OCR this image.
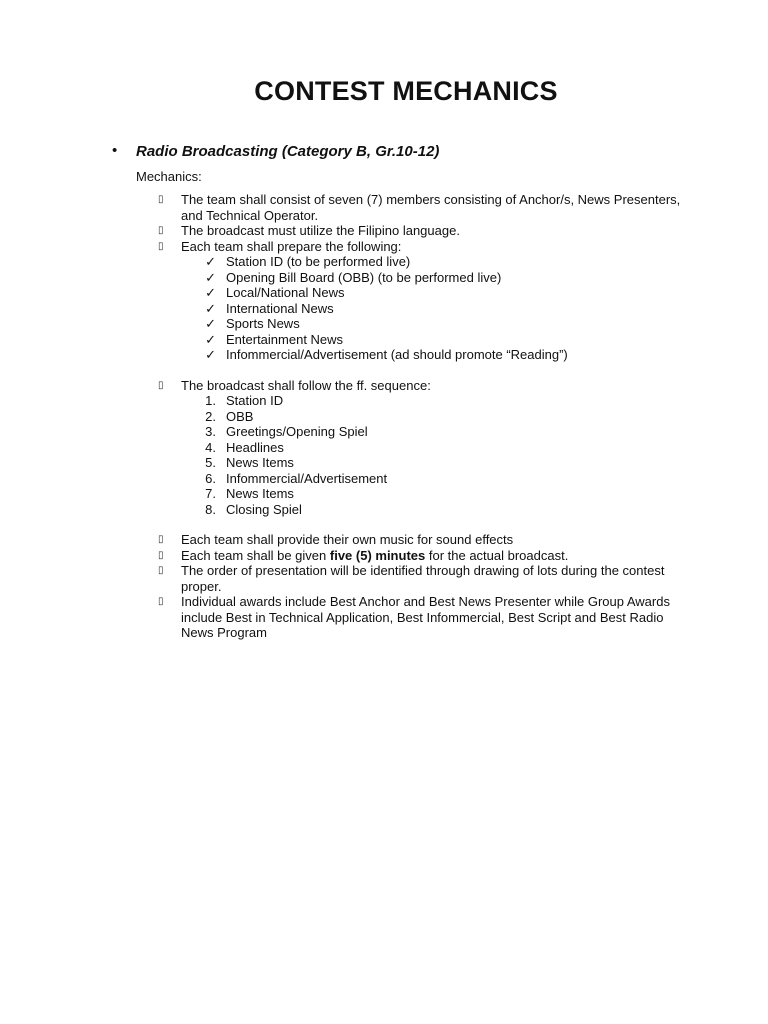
CONTEST MECHANICS
• Radio Broadcasting (Category B, Gr.10-12)
Mechanics:
▯ The team shall consist of seven (7) members consisting of Anchor/s, News Presenters, and Technical Operator.
▯ The broadcast must utilize the Filipino language.
▯ Each team shall prepare the following:
✓ Station ID (to be performed live)
✓ Opening Bill Board (OBB) (to be performed live)
✓ Local/National News
✓ International News
✓ Sports News
✓ Entertainment News
✓ Infommercial/Advertisement (ad should promote “Reading”)
▯ The broadcast shall follow the ff. sequence:
1. Station ID
2. OBB
3. Greetings/Opening Spiel
4. Headlines
5. News Items
6. Infommercial/Advertisement
7. News Items
8. Closing Spiel
▯ Each team shall provide their own music for sound effects
▯ Each team shall be given five (5) minutes for the actual broadcast.
▯ The order of presentation will be identified through drawing of lots during the contest proper.
▯ Individual awards include Best Anchor and Best News Presenter while Group Awards include Best in Technical Application, Best Infommercial, Best Script and Best Radio News Program
